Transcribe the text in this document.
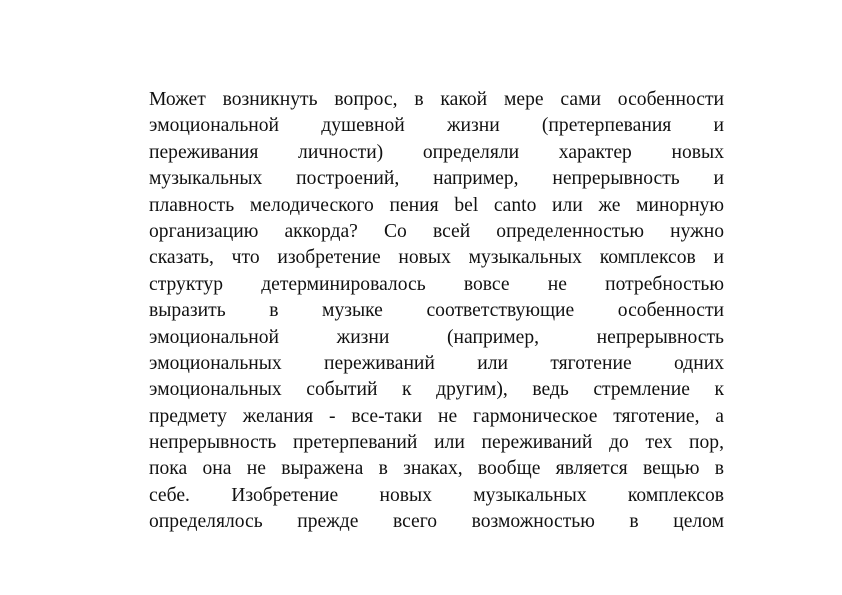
Может возникнуть вопрос, в какой мере сами особенности
эмоциональной душевной жизни (претерпевания и
переживания личности) определяли характер новых
музыкальных построений, например, непрерывность и
плавность мелодического пения bel canto или же минорную
организацию аккорда? Со всей определенностью нужно
сказать, что изобретение новых музыкальных комплексов и
структур детерминировалось вовсе не потребностью
выразить в музыке соответствующие особенности
эмоциональной жизни (например, непрерывность
эмоциональных переживаний или тяготение одних
эмоциональных событий к другим), ведь стремление к
предмету желания - все-таки не гармоническое тяготение, а
непрерывность претерпеваний или переживаний до тех пор,
пока она не выражена в знаках, вообще является вещью в
себе. Изобретение новых музыкальных комплексов
определялось прежде всего возможностью в целом
